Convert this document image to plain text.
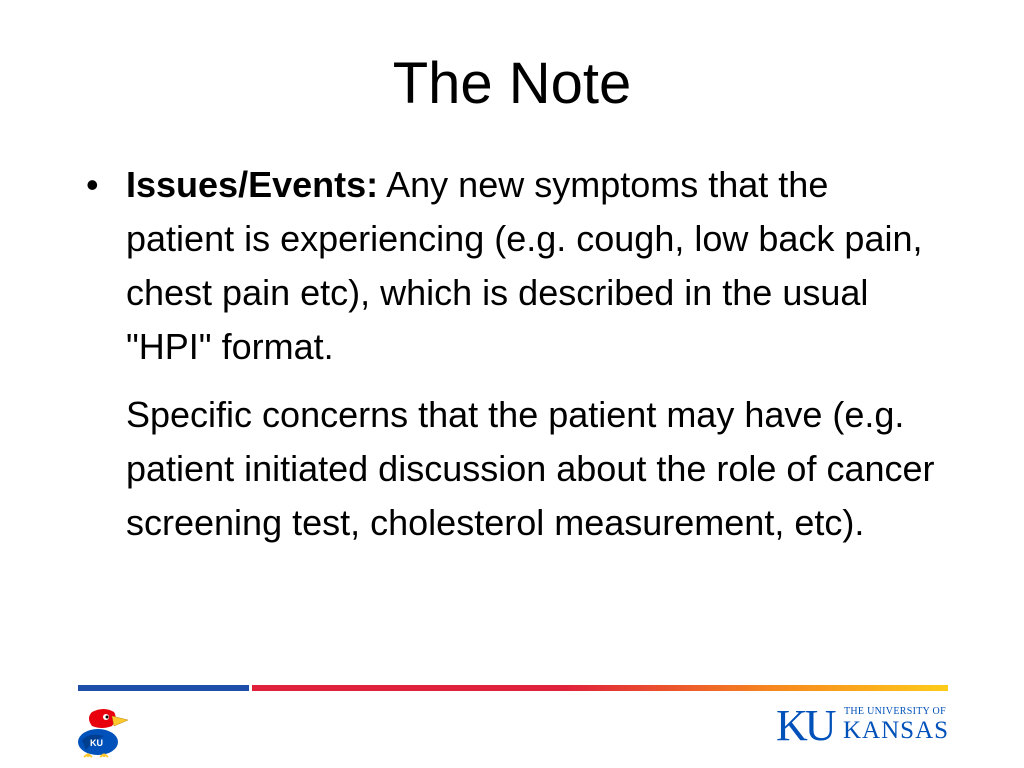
The Note
• Issues/Events: Any new symptoms that the patient is experiencing (e.g. cough, low back pain, chest pain etc), which is described in the usual "HPI" format.

Specific concerns that the patient may have (e.g. patient initiated discussion about the role of cancer screening test, cholesterol measurement, etc).

KU	KU THE UNIVERSITY OF
KANSAS
